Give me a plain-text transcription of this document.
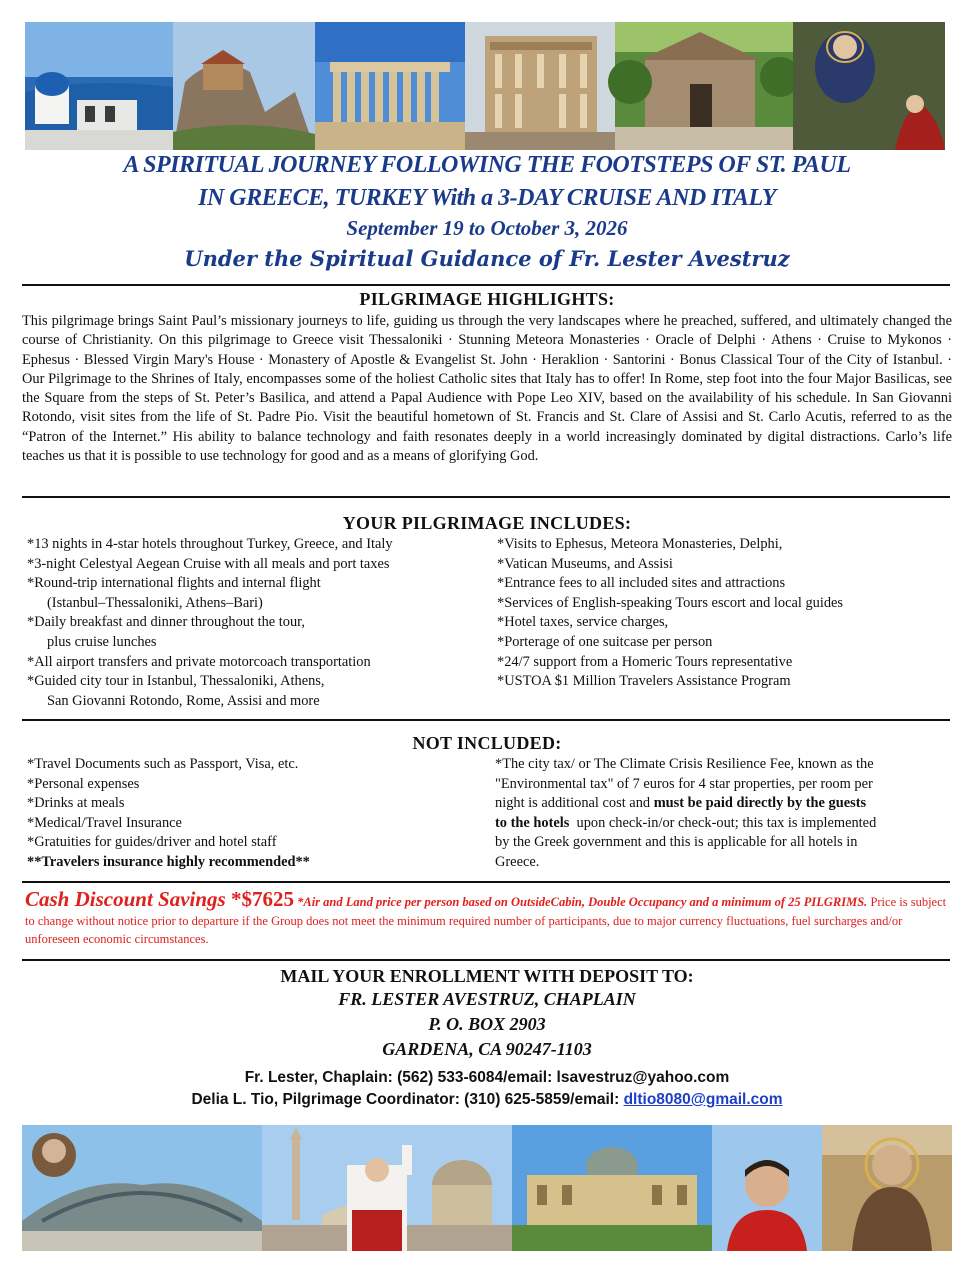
A SPIRITUAL JOURNEY FOLLOWING THE FOOTSTEPS OF ST. PAUL
IN GREECE, TURKEY With a 3-DAY CRUISE AND ITALY
September 19 to October 3, 2026
Under the Spiritual Guidance of Fr. Lester Avestruz
PILGRIMAGE HIGHLIGHTS:
This pilgrimage brings Saint Paul’s missionary journeys to life, guiding us through the very landscapes where he preached, suffered, and ultimately changed the course of Christianity. On this pilgrimage to Greece visit Thessaloniki · Stunning Meteora Monasteries · Oracle of Delphi · Athens · Cruise to Mykonos · Ephesus · Blessed Virgin Mary's House · Monastery of Apostle & Evangelist St. John · Heraklion · Santorini · Bonus Classical Tour of the City of Istanbul. · Our Pilgrimage to the Shrines of Italy, encompasses some of the holiest Catholic sites that Italy has to offer! In Rome, step foot into the four Major Basilicas, see the Square from the steps of St. Peter’s Basilica, and attend a Papal Audience with Pope Leo XIV, based on the availability of his schedule. In San Giovanni Rotondo, visit sites from the life of St. Padre Pio. Visit the beautiful hometown of St. Francis and St. Clare of Assisi and St. Carlo Acutis, referred to as the “Patron of the Internet.” His ability to balance technology and faith resonates deeply in a world increasingly dominated by digital distractions. Carlo’s life teaches us that it is possible to use technology for good and as a means of glorifying God.
YOUR PILGRIMAGE INCLUDES:
*13 nights in 4-star hotels throughout Turkey, Greece, and Italy
*3-night Celestyal Aegean Cruise with all meals and port taxes
*Round-trip international flights and internal flight
(Istanbul–Thessaloniki, Athens–Bari)
*Daily breakfast and dinner throughout the tour,
plus cruise lunches
*All airport transfers and private motorcoach transportation
*Guided city tour in Istanbul, Thessaloniki, Athens,
San Giovanni Rotondo, Rome, Assisi and more
*Visits to Ephesus, Meteora Monasteries, Delphi,
*Vatican Museums, and Assisi
*Entrance fees to all included sites and attractions
*Services of English-speaking Tours escort and local guides
*Hotel taxes, service charges,
*Porterage of one suitcase per person
*24/7 support from a Homeric Tours representative
*USTOA $1 Million Travelers Assistance Program
NOT INCLUDED:
*Travel Documents such as Passport, Visa, etc.
*Personal expenses
*Drinks at meals
*Medical/Travel Insurance
*Gratuities for guides/driver and hotel staff
**Travelers insurance highly recommended**
*The city tax/ or The Climate Crisis Resilience Fee, known as the
"Environmental tax" of 7 euros for 4 star properties, per room per
night is additional cost and must be paid directly by the guests
to the hotels  upon check-in/or check-out; this tax is implemented
by the Greek government and this is applicable for all hotels in
Greece.
Cash Discount Savings *$7625 *Air and Land price per person based on OutsideCabin, Double Occupancy and a minimum of 25 PILGRIMS. Price is subject to change without notice prior to departure if the Group does not meet the minimum required number of participants, due to major currency fluctuations, fuel surcharges and/or unforeseen economic circumstances.
MAIL YOUR ENROLLMENT WITH DEPOSIT TO:
FR. LESTER AVESTRUZ, CHAPLAIN
P. O. BOX 2903
GARDENA, CA 90247-1103
Fr. Lester, Chaplain: (562) 533-6084/email: lsavestruz@yahoo.com
Delia L. Tio, Pilgrimage Coordinator: (310) 625-5859/email: dltio8080@gmail.com
